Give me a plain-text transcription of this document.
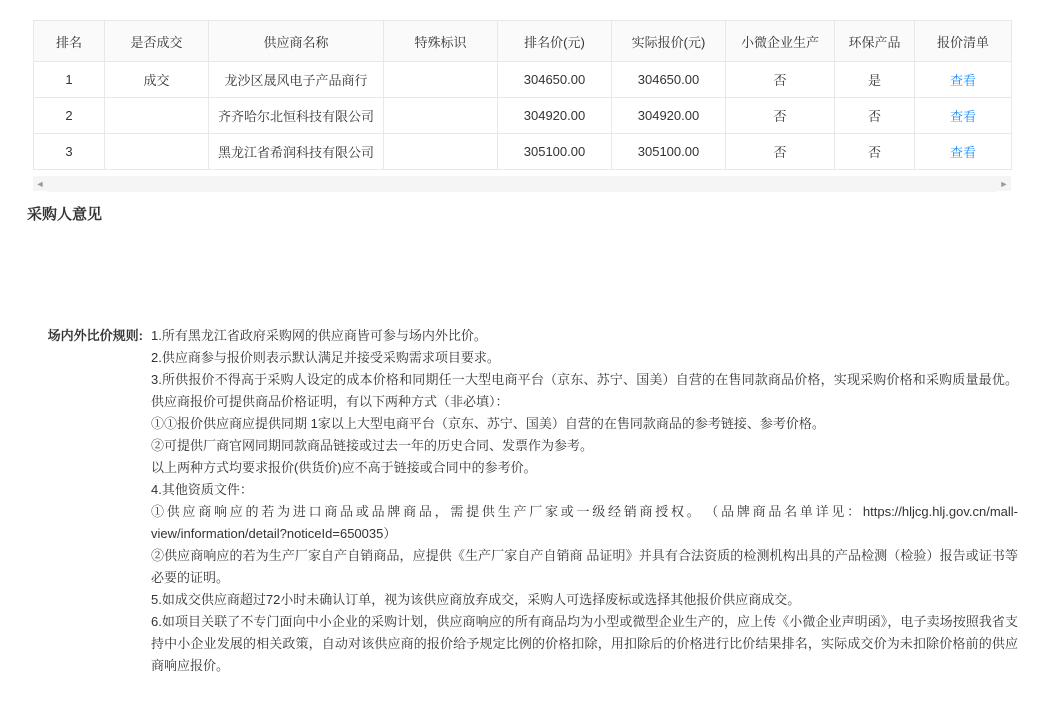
排名	是否成交	供应商名称	特殊标识	排名价(元)	实际报价(元)	小微企业生产	环保产品	报价清单
1	成交	龙沙区晟风电子产品商行		304650.00	304650.00	否	是	查看
2		齐齐哈尔北恒科技有限公司		304920.00	304920.00	否	否	查看
3		黑龙江省希润科技有限公司		305100.00	305100.00	否	否	查看
◄	►
采购人意见
场内外比价规则: 1.所有黑龙江省政府采购网的供应商皆可参与场内外比价。

2.供应商参与报价则表示默认满足并接受采购需求项目要求。

3.所供报价不得高于采购人设定的成本价格和同期任一大型电商平台（京东、苏宁、国美）自营的在售同款商品价格，实现采购价格和采购质量最优。供应商报价可提供商品价格证明，有以下两种方式（非必填）：

①①报价供应商应提供同期 1家以上大型电商平台（京东、苏宁、国美）自营的在售同款商品的参考链接、参考价格。

②可提供厂商官网同期同款商品链接或过去一年的历史合同、发票作为参考。

以上两种方式均要求报价(供货价)应不高于链接或合同中的参考价。

4.其他资质文件：

①供应商响应的若为进口商品或品牌商品，需提供生产厂家或一级经销商授权。　（品牌商品名单详见：https://hljcg.hlj.gov.cn/mall-view/information/detail?noticeId=650035）

②供应商响应的若为生产厂家自产自销商品，应提供《生产厂家自产自销商 品证明》并具有合法资质的检测机构出具的产品检测（检验）报告或证书等必要的证明。

5.如成交供应商超过72小时未确认订单，视为该供应商放弃成交，采购人可选择废标或选择其他报价供应商成交。

6.如项目关联了不专门面向中小企业的采购计划，供应商响应的所有商品均为小型或微型企业生产的，应上传《小微企业声明函》，电子卖场按照我省支持中小企业发展的相关政策，自动对该供应商的报价给予规定比例的价格扣除，用扣除后的价格进行比价结果排名，实际成交价为未扣除价格前的供应商响应报价。
